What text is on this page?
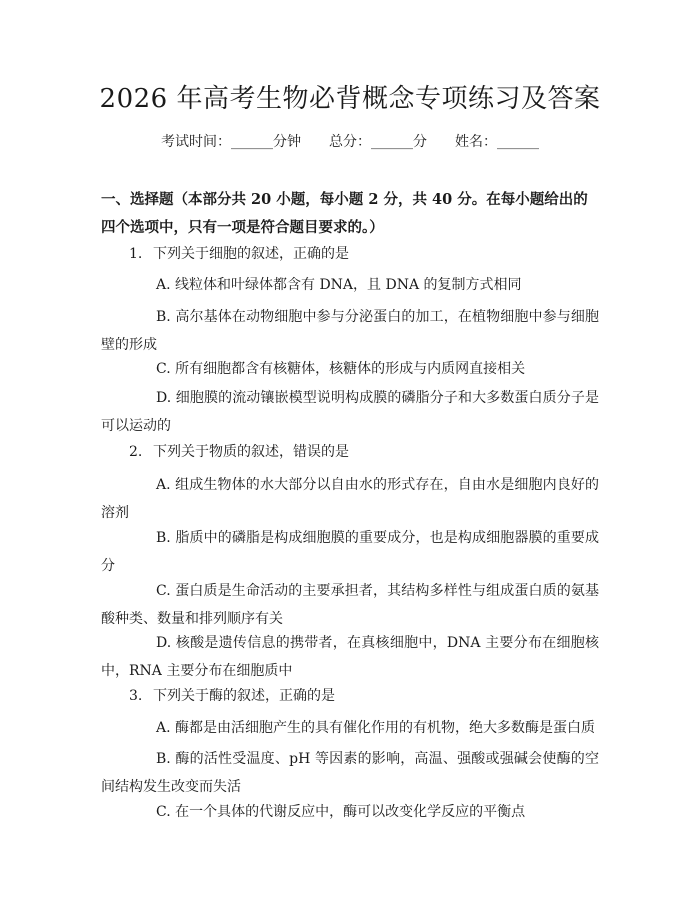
2026 年高考生物必背概念专项练习及答案
考试时间：______分钟 总分：______分 姓名：______
一、选择题（本部分共 20 小题，每小题 2 分，共 40 分。在每小题给出的四个选项中，只有一项是符合题目要求的。）
1. 下列关于细胞的叙述，正确的是
A. 线粒体和叶绿体都含有 DNA，且 DNA 的复制方式相同
B. 高尔基体在动物细胞中参与分泌蛋白的加工，在植物细胞中参与细胞壁的形成
C. 所有细胞都含有核糖体，核糖体的形成与内质网直接相关
D. 细胞膜的流动镶嵌模型说明构成膜的磷脂分子和大多数蛋白质分子是可以运动的
2. 下列关于物质的叙述，错误的是
A. 组成生物体的水大部分以自由水的形式存在，自由水是细胞内良好的溶剂
B. 脂质中的磷脂是构成细胞膜的重要成分，也是构成细胞器膜的重要成分
C. 蛋白质是生命活动的主要承担者，其结构多样性与组成蛋白质的氨基酸种类、数量和排列顺序有关
D. 核酸是遗传信息的携带者，在真核细胞中，DNA 主要分布在细胞核中，RNA 主要分布在细胞质中
3. 下列关于酶的叙述，正确的是
A. 酶都是由活细胞产生的具有催化作用的有机物，绝大多数酶是蛋白质
B. 酶的活性受温度、pH 等因素的影响，高温、强酸或强碱会使酶的空间结构发生改变而失活
C. 在一个具体的代谢反应中，酶可以改变化学反应的平衡点
